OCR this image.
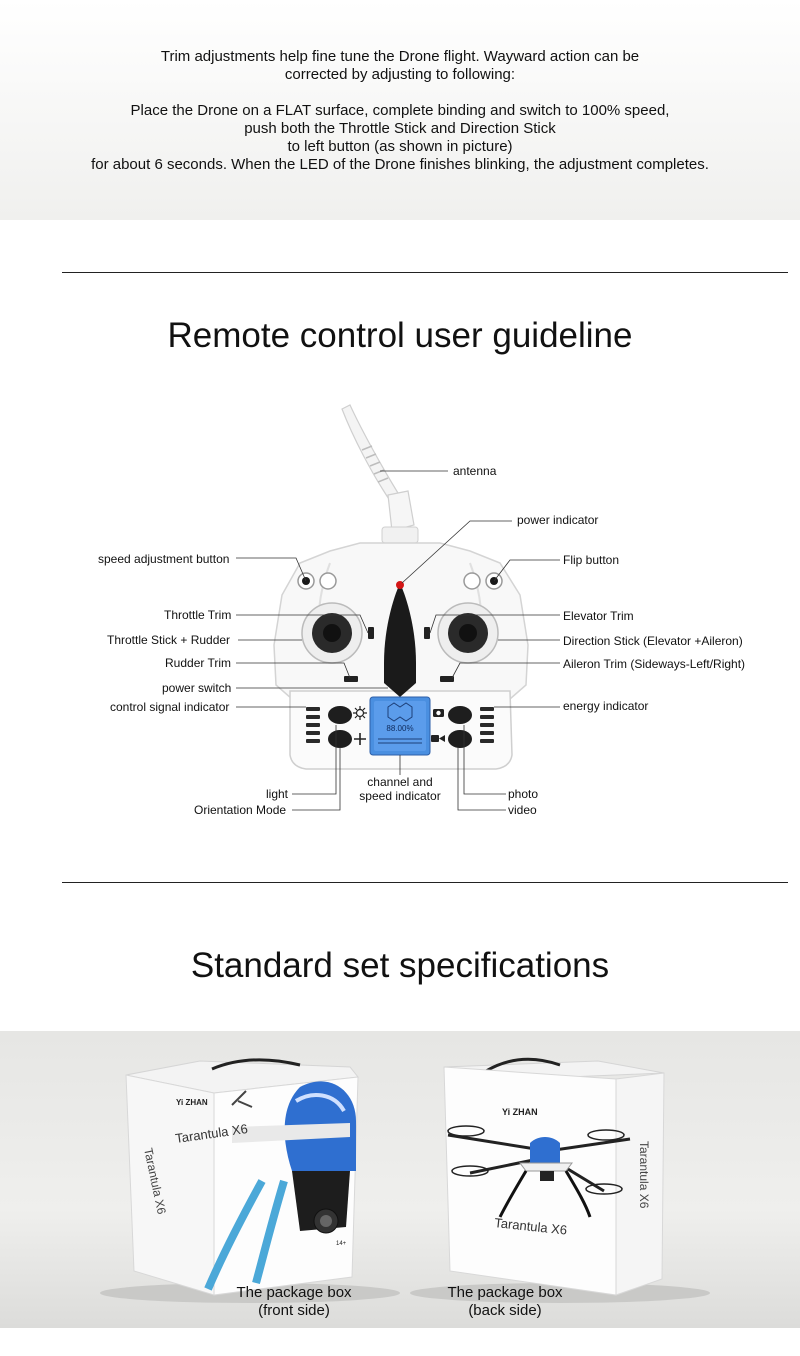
Trim adjustments help fine tune the Drone flight. Wayward action can be
corrected by adjusting to following:
Place the Drone on a FLAT surface, complete binding and switch to 100% speed,
push both the Throttle Stick and Direction Stick
to left button (as shown in picture)
for about 6 seconds. When the LED of the Drone finishes blinking, the adjustment completes.
Remote control user guideline
88.00%
antenna
power indicator
speed adjustment button	Flip button
Throttle Trim	Elevator Trim
Throttle Stick + Rudder	Direction Stick (Elevator +Aileron)
Rudder Trim	Aileron Trim (Sideways-Left/Right)
power switch
control signal indicator	energy indicator
channel and
speed indicator
light
Orientation Mode
photo
video
Standard set specifications
Yi ZHAN
Tarantula X6
Tarantula X6
14+
Yi ZHAN
Tarantula X6
Tarantula X6
The package box
(front side)
The package box
(back side)
